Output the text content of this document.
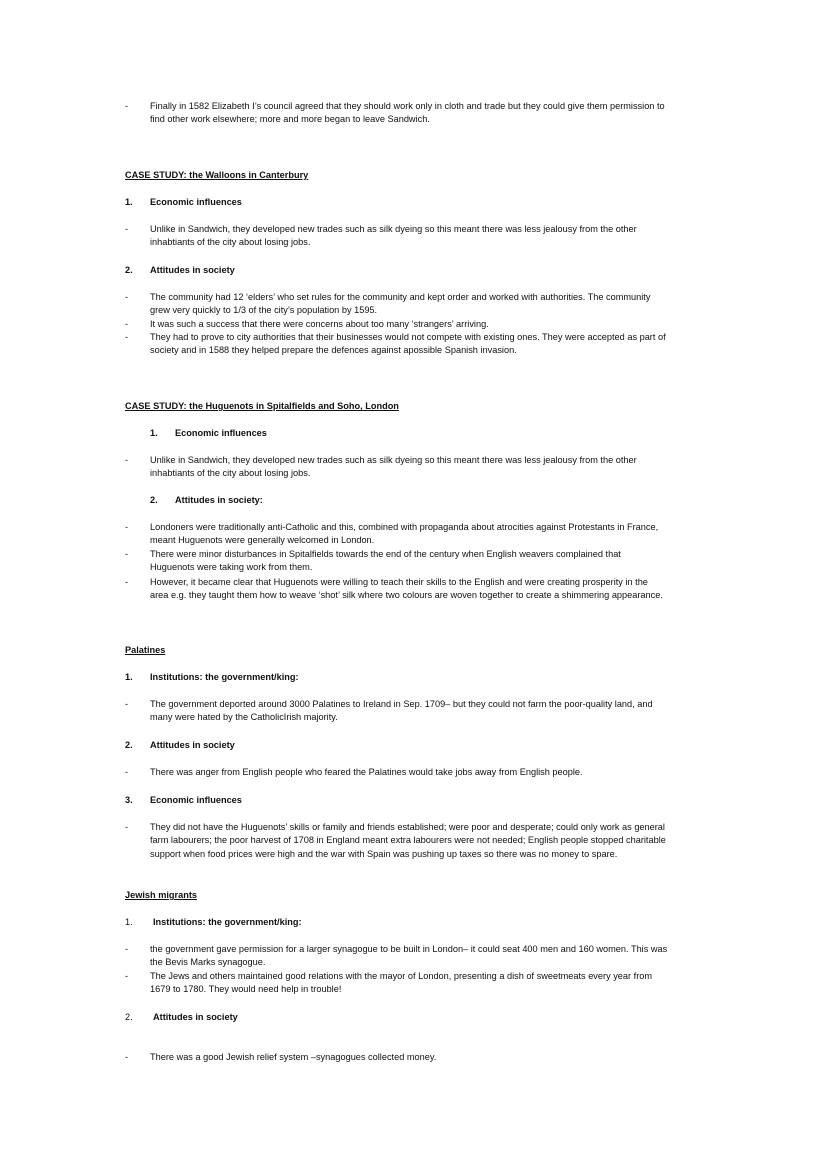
-	Finally in 1582 Elizabeth I’s council agreed that they should work only in cloth and trade but they could give them permission to
find other work elsewhere; more and more began to leave Sandwich.
CASE STUDY: the Walloons in Canterbury
1. Economic influences
-	Unlike in Sandwich, they developed new trades such as silk dyeing so this meant there was less jealousy from the other
inhabtiants of the city about losing jobs.
2. Attitudes in society
-	The community had 12 ‘elders’ who set rules for the community and kept order and worked with authorities. The community
grew very quickly to 1/3 of the city’s population by 1595.
-	It was such a success that there were concerns about too many ‘strangers’ arriving.
-	They had to prove to city authorities that their businesses would not compete with existing ones. They were accepted as part of
society and in 1588 they helped prepare the defences against apossible Spanish invasion.
CASE STUDY: the Huguenots in Spitalfields and Soho, London
1. Economic influences
-	Unlike in Sandwich, they developed new trades such as silk dyeing so this meant there was less jealousy from the other
inhabtiants of the city about losing jobs.
2. Attitudes in society:
-	Londoners were traditionally anti-Catholic and this, combined with propaganda about atrocities against Protestants in France,
meant Huguenots were generally welcomed in London.
-	There were minor disturbances in Spitalfields towards the end of the century when English weavers complained that
Huguenots were taking work from them.
-	However, it became clear that Huguenots were willing to teach their skills to the English and were creating prosperity in the
area e.g. they taught them how to weave ‘shot’ silk where two colours are woven together to create a shimmering appearance.
Palatines
1. Institutions: the government/king:
-	The government deported around 3000 Palatines to Ireland in Sep. 1709– but they could not farm the poor-quality land, and
many were hated by the CatholicIrish majority.
2. Attitudes in society
-	There was anger from English people who feared the Palatines would take jobs away from English people.
3. Economic influences
-	They did not have the Huguenots’ skills or family and friends established; were poor and desperate; could only work as general
farm labourers; the poor harvest of 1708 in England meant extra labourers were not needed; English people stopped charitable
support when food prices were high and the war with Spain was pushing up taxes so there was no money to spare.
Jewish migrants
1. Institutions: the government/king:
-	the government gave permission for a larger synagogue to be built in London– it could seat 400 men and 160 women. This was
the Bevis Marks synagogue.
-	The Jews and others maintained good relations with the mayor of London, presenting a dish of sweetmeats every year from
1679 to 1780. They would need help in trouble!
2. Attitudes in society
-	There was a good Jewish relief system –synagogues collected money.
